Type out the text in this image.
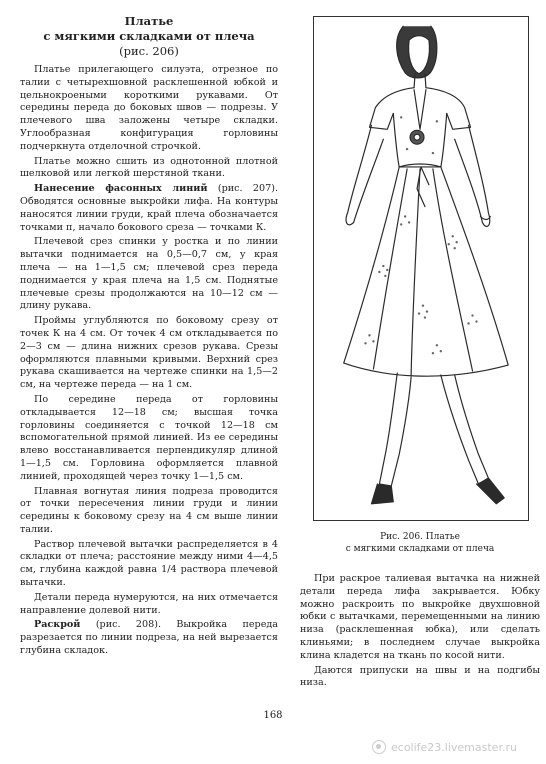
Платье
с мягкими складками от плеча
(рис. 206)

Платье прилегающего силуэта, отрезное по талии с четырехшовной расклешенной юбкой и цельнокроеными короткими рукавами. От середины переда до боковых швов — подрезы. У плечевого шва заложены четыре складки. Углообразная конфигурация горловины подчеркнута отделочной строчкой.

Платье можно сшить из однотонной плотной шелковой или легкой шерстяной ткани.

Нанесение фасонных линий (рис. 207). Обводятся основные выкройки лифа. На контуры наносятся линии груди, край плеча обозначается точками п, начало бокового среза — точками К.

Плечевой срез спинки у ростка и по линии вытачки поднимается на 0,5—0,7 см, у края плеча — на 1—1,5 см; плечевой срез переда поднимается у края плеча на 1,5 см. Поднятые плечевые срезы продолжаются на 10—12 см — длину рукава.

Проймы углубляются по боковому срезу от точек К на 4 см. От точек 4 см откладывается по 2—3 см — длина нижних срезов рукава. Срезы оформляются плавными кривыми. Верхний срез рукава скашивается на чертеже спинки на 1,5—2 см, на чертеже переда — на 1 см.

По середине переда от горловины откладывается 12—18 см; высшая точка горловины соединяется с точкой 12—18 см вспомогательной прямой линией. Из ее середины влево восстанавливается перпендикуляр длиной 1—1,5 см. Горловина оформляется плавной линией, проходящей через точку 1—1,5 см.

Плавная вогнутая линия подреза проводится от точки пересечения линии груди и линии середины к боковому срезу на 4 см выше линии талии.

Раствор плечевой вытачки распределяется в 4 складки от плеча; расстояние между ними 4—4,5 см, глубина каждой равна 1/4 раствора плечевой вытачки.

Детали переда нумеруются, на них отмечается направление долевой нити.

Раскрой (рис. 208). Выкройка переда разрезается по линии подреза, на ней вырезается глубина складок.

Рис. 206. Платье
с мягкими складками от плеча

При раскрое талиевая вытачка на нижней детали переда лифа закрывается. Юбку можно раскроить по выкройке двухшовной юбки с вытачками, перемещенными на линию низа (расклешенная юбка), или сделать клиньями; в последнем случае выкройка клина кладется на ткань по косой нити.

Даются припуски на швы и на подгибы низа.

168
ecolife23.livemaster.ru
